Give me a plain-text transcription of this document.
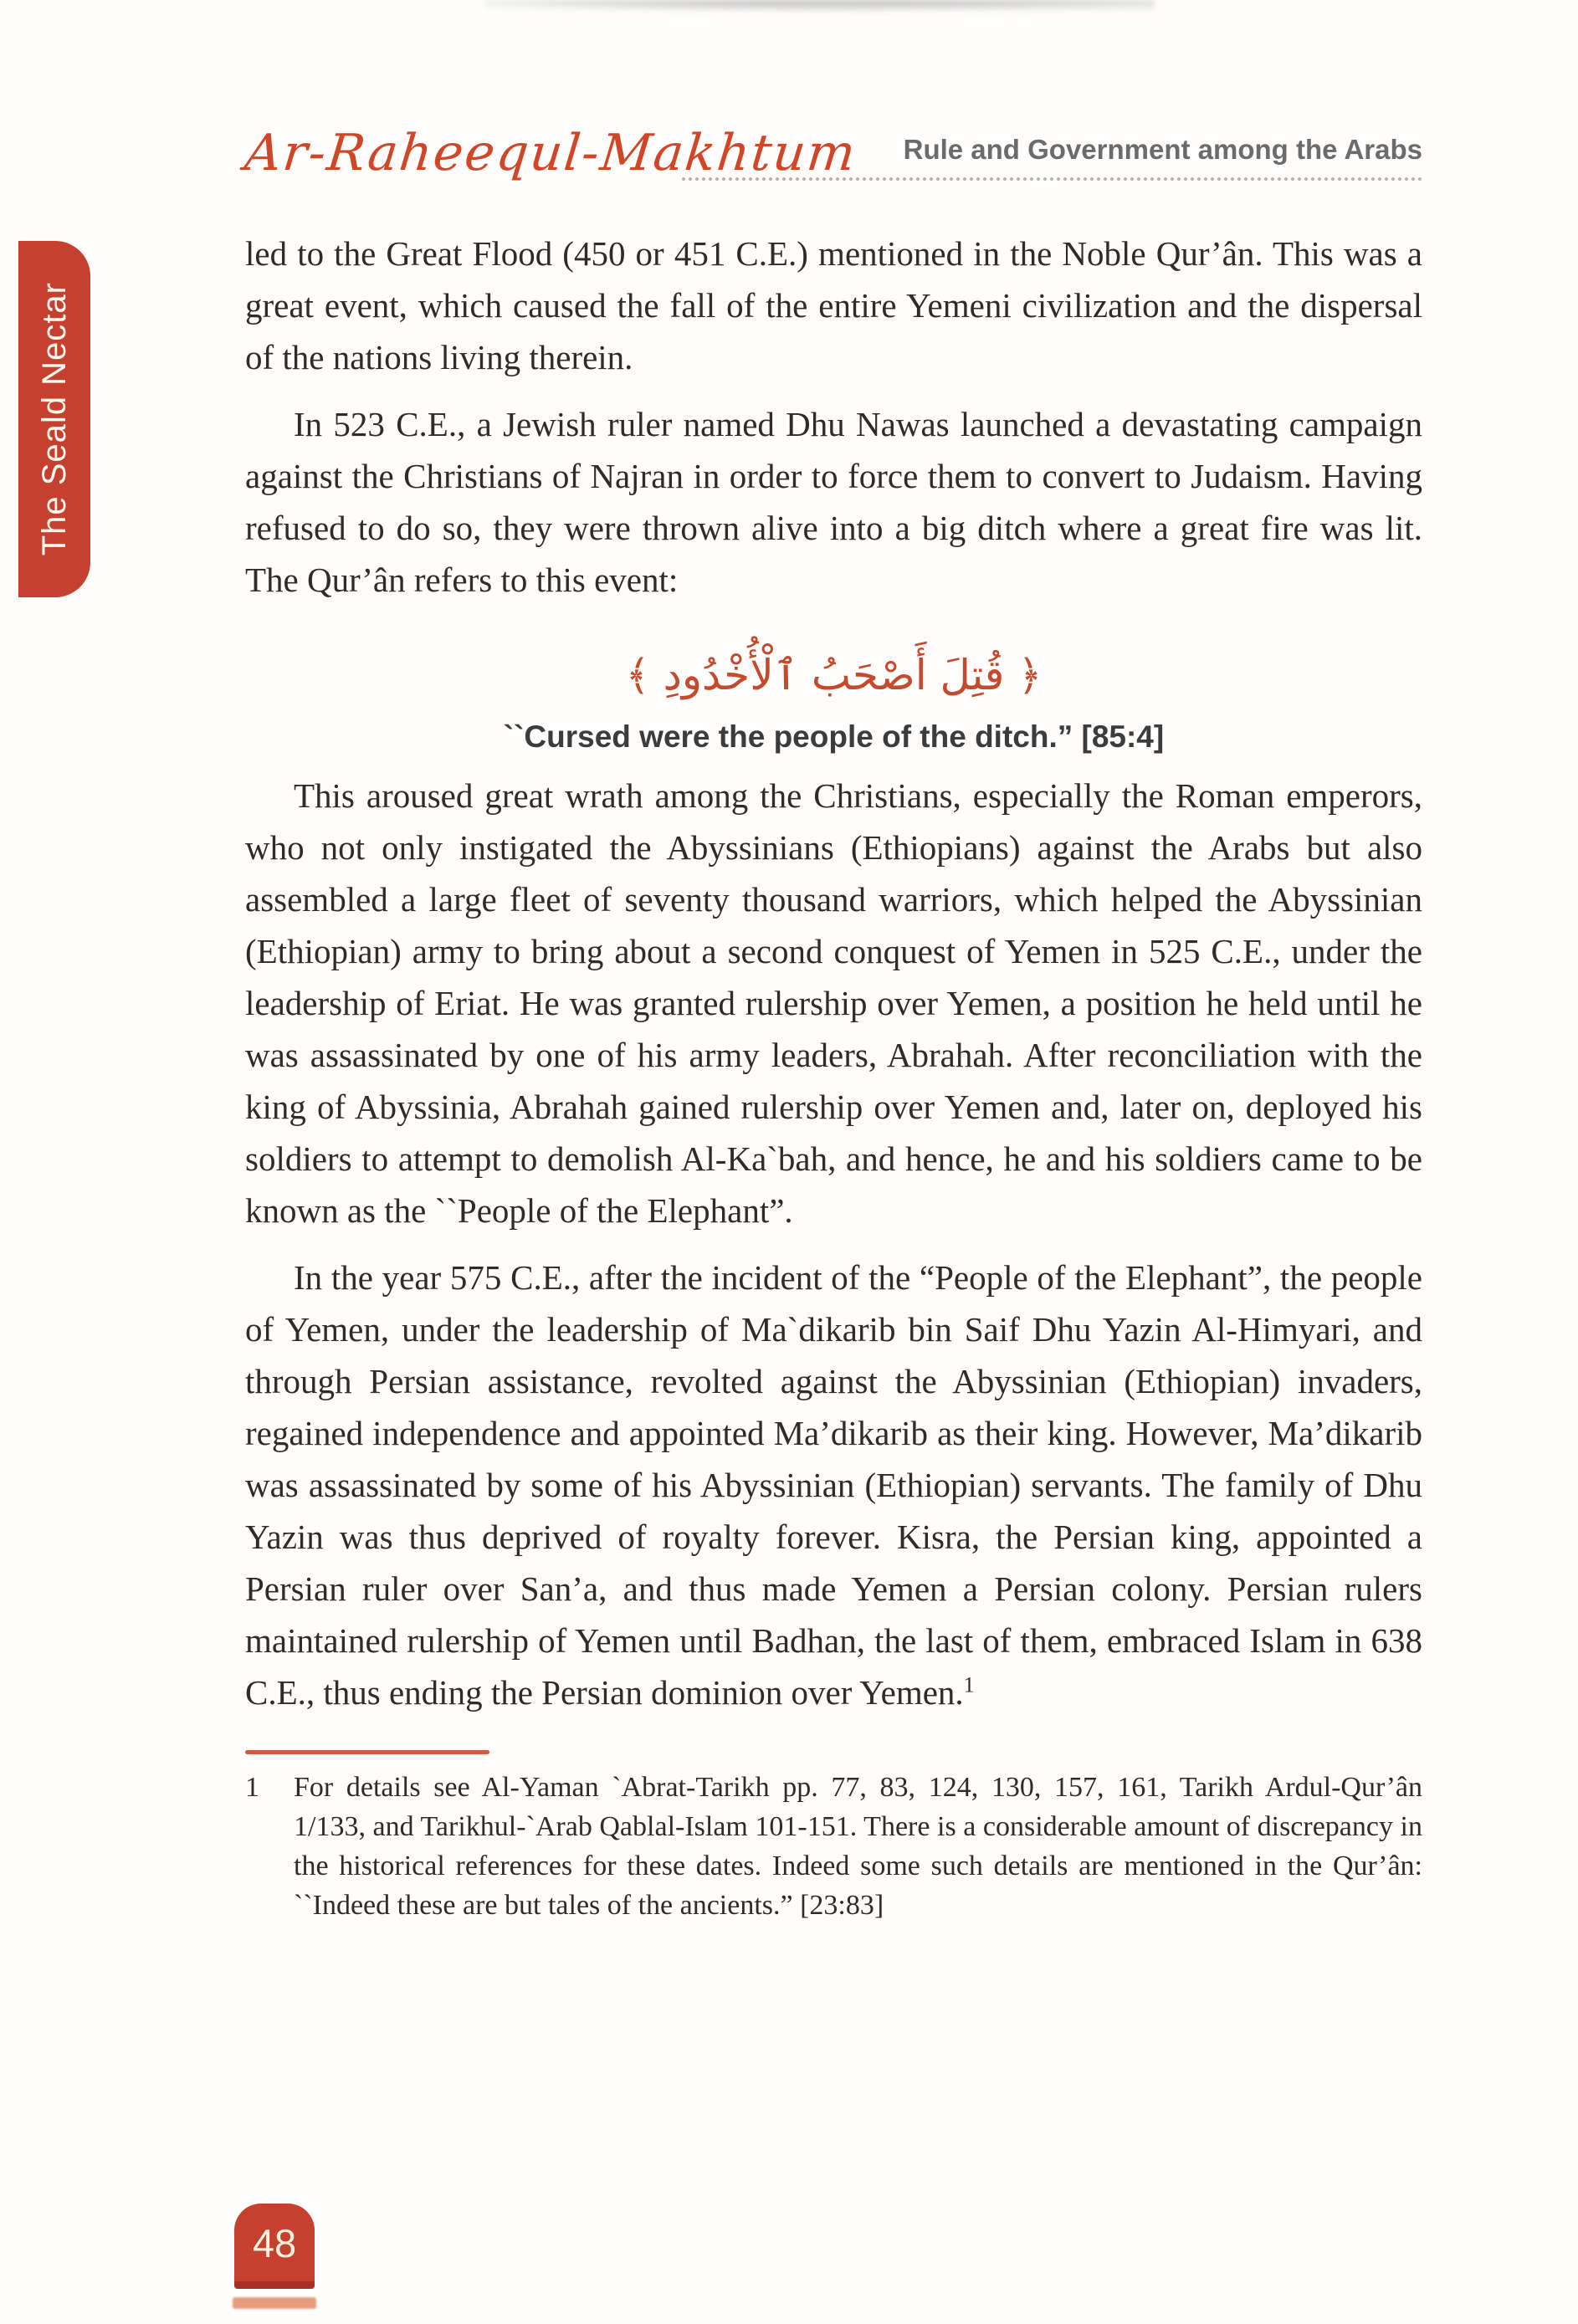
Ar-Raheequl-Makhtum Rule and Government among the Arabs
The Seald Nectar

led to the Great Flood (450 or 451 C.E.) mentioned in the Noble Qur’ân. This was a great event, which caused the fall of the entire Yemeni civilization and the dispersal of the nations living therein.

In 523 C.E., a Jewish ruler named Dhu Nawas launched a devastating campaign against the Christians of Najran in order to force them to convert to Judaism. Having refused to do so, they were thrown alive into a big ditch where a great fire was lit. The Qur’ân refers to this event:

﴿ قُتِلَ أَصْحَبُ ٱلْأُخْدُودِ ﴾
``Cursed were the people of the ditch.” [85:4]

This aroused great wrath among the Christians, especially the Roman emperors, who not only instigated the Abyssinians (Ethiopians) against the Arabs but also assembled a large fleet of seventy thousand warriors, which helped the Abyssinian (Ethiopian) army to bring about a second conquest of Yemen in 525 C.E., under the leadership of Eriat. He was granted rulership over Yemen, a position he held until he was assassinated by one of his army leaders, Abrahah. After reconciliation with the king of Abyssinia, Abrahah gained rulership over Yemen and, later on, deployed his soldiers to attempt to demolish Al-Ka`bah, and hence, he and his soldiers came to be known as the ``People of the Elephant”.

In the year 575 C.E., after the incident of the “People of the Elephant”, the people of Yemen, under the leadership of Ma`dikarib bin Saif Dhu Yazin Al-Himyari, and through Persian assistance, revolted against the Abyssinian (Ethiopian) invaders, regained independence and appointed Ma’dikarib as their king. However, Ma’dikarib was assassinated by some of his Abyssinian (Ethiopian) servants. The family of Dhu Yazin was thus deprived of royalty forever. Kisra, the Persian king, appointed a Persian ruler over San’a, and thus made Yemen a Persian colony. Persian rulers maintained rulership of Yemen until Badhan, the last of them, embraced Islam in 638 C.E., thus ending the Persian dominion over Yemen.$^1$

1	For details see Al-Yaman `Abrat-Tarikh pp. 77, 83, 124, 130, 157, 161, Tarikh Ardul-Qur’ân 1/133, and Tarikhul-`Arab Qablal-Islam 101-151. There is a considerable amount of discrepancy in the historical references for these dates. Indeed some such details are mentioned in the Qur’ân: ``Indeed these are but tales of the ancients.” [23:83]
48
